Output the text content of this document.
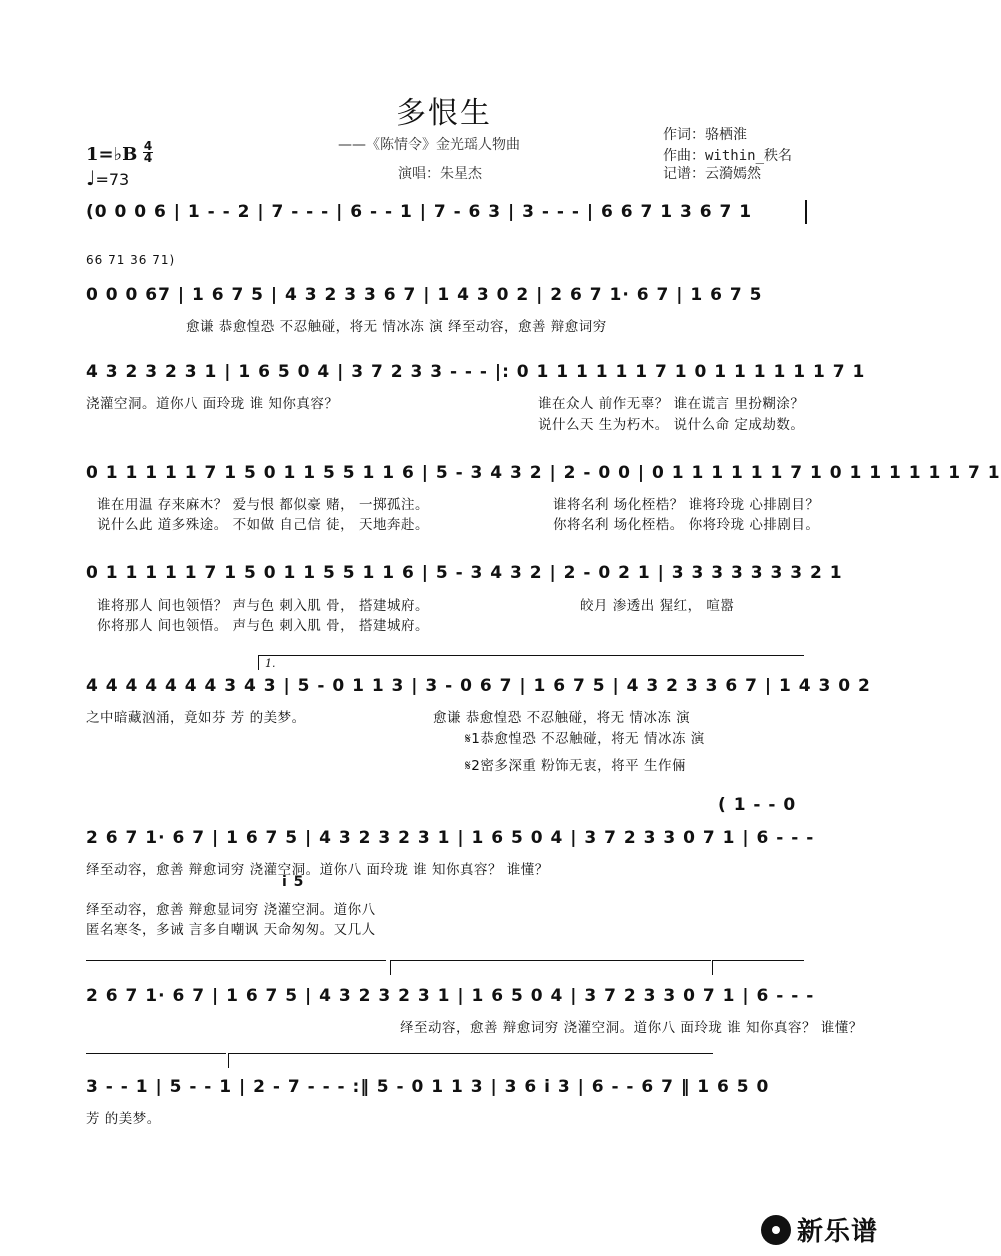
多恨生
——《陈情令》金光瑶人物曲
演唱：朱星杰
作词：骆栖淮
作曲：within_秩名
记谱：云漪嫣然
1=♭B 4
4
♩=73
(0 0 0 6 | 1 - - 2 | 7 - - - | 6 - - 1 | 7 - 6 3 | 3 - - - | 6 6 7 1 3 6 7 1
66 71 36 71)
0 0 0 67 | 1 6 7 5 | 4 3 2 3 3 6 7 | 1 4 3 0 2 | 2 6 7 1· 6 7 | 1 6 7 5
愈谦 恭愈惶恐 不忍触碰，将无 情冰冻 演 绎至动容，愈善 辩愈词穷
4 3 2 3 2 3 1 | 1 6 5 0 4 | 3 7 2 3 3 - - - |: 0 1 1 1 1 1 1 7 1 0 1 1 1 1 1 1 7 1
浇灌空洞。道你八 面玲珑 谁 知你真容？	谁在众人 前作无辜？ 谁在谎言 里扮糊涂？
说什么天 生为朽木。 说什么命 定成劫数。
0 1 1 1 1 1 7 1 5 0 1 1 5 5 1 1 6 | 5 - 3 4 3 2 | 2 - 0 0 | 0 1 1 1 1 1 1 7 1 0 1 1 1 1 1 1 7 1
谁在用温 存来麻木？ 爱与恨 都似豪 赌， 一掷孤注。
说什么此 道多殊途。 不如做 自己信 徒， 天地奔赴。
谁将名利 场化桎梏？ 谁将玲珑 心排剧目？
你将名利 场化桎梏。 你将玲珑 心排剧目。
0 1 1 1 1 1 7 1 5 0 1 1 5 5 1 1 6 | 5 - 3 4 3 2 | 2 - 0 2 1 | 3 3 3 3 3 3 3 2 1
谁将那人 间也领悟？ 声与色 刺入肌 骨， 搭建城府。
你将那人 间也领悟。 声与色 刺入肌 骨， 搭建城府。
皎月 渗透出 猩红， 喧嚣
1.
4 4 4 4 4 4 4 3 4 3 | 5 - 0 1 1 3 | 3 - 0 6 7 | 1 6 7 5 | 4 3 2 3 3 6 7 | 1 4 3 0 2
之中暗藏汹涌，竟如芬 芳 的美梦。	愈谦 恭愈惶恐 不忍触碰，将无 情冰冻 演
𝄋1恭愈惶恐 不忍触碰，将无 情冰冻 演
𝄋2密多深重 粉饰无衷，将平 生作倆
( 1 - - 0
2 6 7 1· 6 7 | 1 6 7 5 | 4 3 2 3 2 3 1 | 1 6 5 0 4 | 3 7 2 3 3 0 7 1 | 6 - - -
绎至动容，愈善 辩愈词穷 浇灌空洞。道你八 面玲珑 谁 知你真容？ 谁懂？
i 5
绎至动容，愈善 辩愈显词穷 浇灌空洞。道你八
匿名寒冬，多诫 言多自嘲讽 天命匆匆。又几人
2 6 7 1· 6 7 | 1 6 7 5 | 4 3 2 3 2 3 1 | 1 6 5 0 4 | 3 7 2 3 3 0 7 1 | 6 - - -
绎至动容，愈善 辩愈词穷 浇灌空洞。道你八 面玲珑 谁 知你真容？ 谁懂？
3 - - 1 | 5 - - 1 | 2 - 7 - - - :‖ 5 - 0 1 1 3 | 3 6 i 3 | 6 - - 6 7 ‖ 1 6 5 0
芳 的美梦。
新乐谱
